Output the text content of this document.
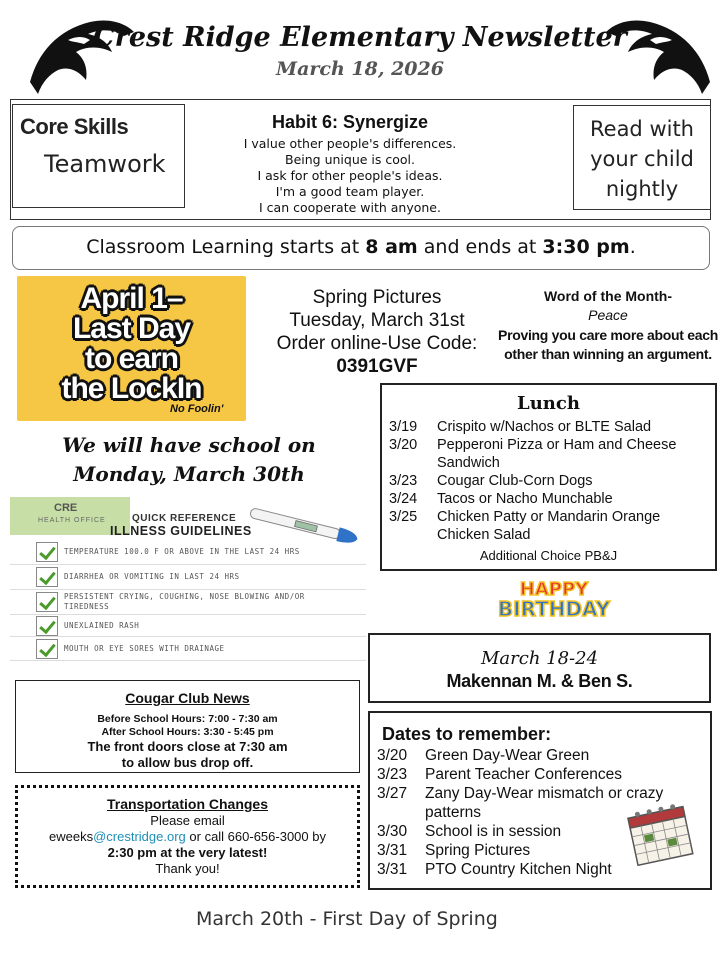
Crest Ridge Elementary Newsletter
March 18, 2026
Core Skills
Teamwork
Habit 6: Synergize
I value other people's differences.
Being unique is cool.
I ask for other people's ideas.
I'm a good team player.
I can cooperate with anyone.
Read with
your child
nightly
Classroom Learning starts at 8 am and ends at 3:30 pm.
April 1–
Last Day
to earn
the LockIn
No Foolin'
Spring Pictures
Tuesday, March 31st
Order online-Use Code:
0391GVF
Word of the Month-
Peace
Proving you care more about each other than winning an argument.
Lunch
3/19	Crispito w/Nachos or BLTE Salad
3/20	Pepperoni Pizza or Ham and Cheese Sandwich
3/23	Cougar Club-Corn Dogs
3/24	Tacos or Nacho Munchable
3/25	Chicken Patty or Mandarin Orange Chicken Salad
Additional Choice PB&J
We will have school on
Monday, March 30th
CRE
HEALTH OFFICE	QUICK REFERENCE
ILLNESS GUIDELINES
TEMPERATURE 100.0 F OR ABOVE IN THE LAST 24 HRS
DIARRHEA OR VOMITING IN LAST 24 HRS
PERSISTENT CRYING, COUGHING, NOSE BLOWING AND/OR TIREDNESS
UNEXLAINED RASH
MOUTH OR EYE SORES WITH DRAINAGE
HAPPY
BIRTHDAY
March 18-24
Makennan M. & Ben S.
Cougar Club News
Before School Hours: 7:00 - 7:30 am
After School Hours: 3:30 - 5:45 pm
The front doors close at 7:30 am
to allow bus drop off.
Dates to remember:
3/20	Green Day-Wear Green
3/23	Parent Teacher Conferences
3/27	Zany Day-Wear mismatch or crazy patterns
3/30	School is in session
3/31	Spring Pictures
3/31	PTO Country Kitchen Night
Transportation Changes
Please email
eweeks@crestridge.org or call 660-656-3000 by
2:30 pm at the very latest!
Thank you!
March 20th - First Day of Spring
